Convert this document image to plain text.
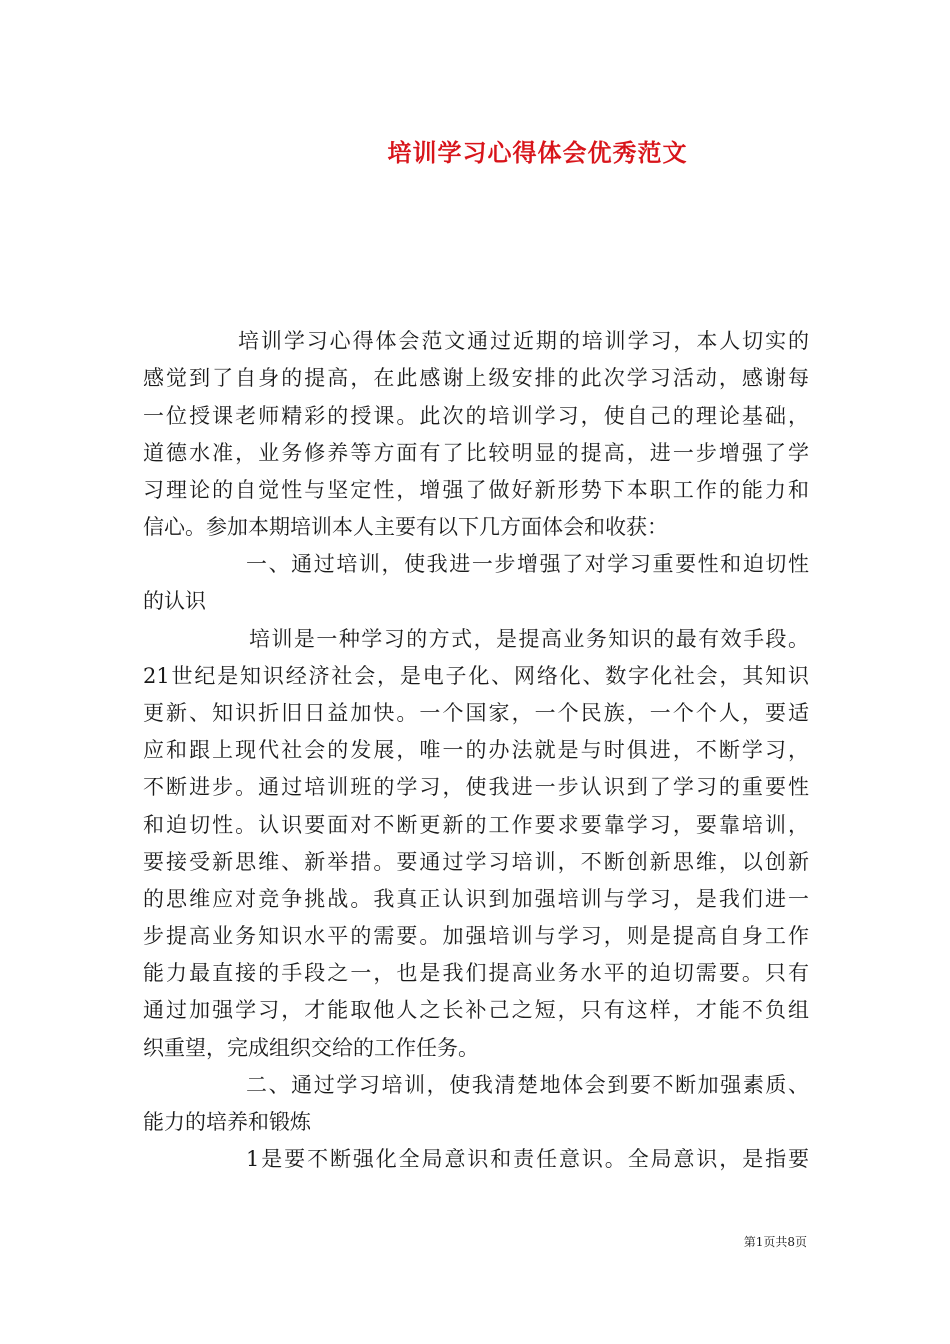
培训学习心得体会优秀范文
培训学习心得体会范文通过近期的培训学习，本人切实的
感觉到了自身的提高，在此感谢上级安排的此次学习活动，感谢每
一位授课老师精彩的授课。此次的培训学习，使自己的理论基础，
道德水准，业务修养等方面有了比较明显的提高，进一步增强了学
习理论的自觉性与坚定性，增强了做好新形势下本职工作的能力和
信心。参加本期培训本人主要有以下几方面体会和收获：
一、通过培训，使我进一步增强了对学习重要性和迫切性
的认识
培训是一种学习的方式，是提高业务知识的最有效手段。
21世纪是知识经济社会，是电子化、网络化、数字化社会，其知识
更新、知识折旧日益加快。一个国家，一个民族，一个个人，要适
应和跟上现代社会的发展，唯一的办法就是与时俱进，不断学习，
不断进步。通过培训班的学习，使我进一步认识到了学习的重要性
和迫切性。认识要面对不断更新的工作要求要靠学习，要靠培训，
要接受新思维、新举措。要通过学习培训，不断创新思维，以创新
的思维应对竞争挑战。我真正认识到加强培训与学习，是我们进一
步提高业务知识水平的需要。加强培训与学习，则是提高自身工作
能力最直接的手段之一，也是我们提高业务水平的迫切需要。只有
通过加强学习，才能取他人之长补己之短，只有这样，才能不负组
织重望，完成组织交给的工作任务。
二、通过学习培训，使我清楚地体会到要不断加强素质、
能力的培养和锻炼
1是要不断强化全局意识和责任意识。全局意识，是指要
第1页共8页
